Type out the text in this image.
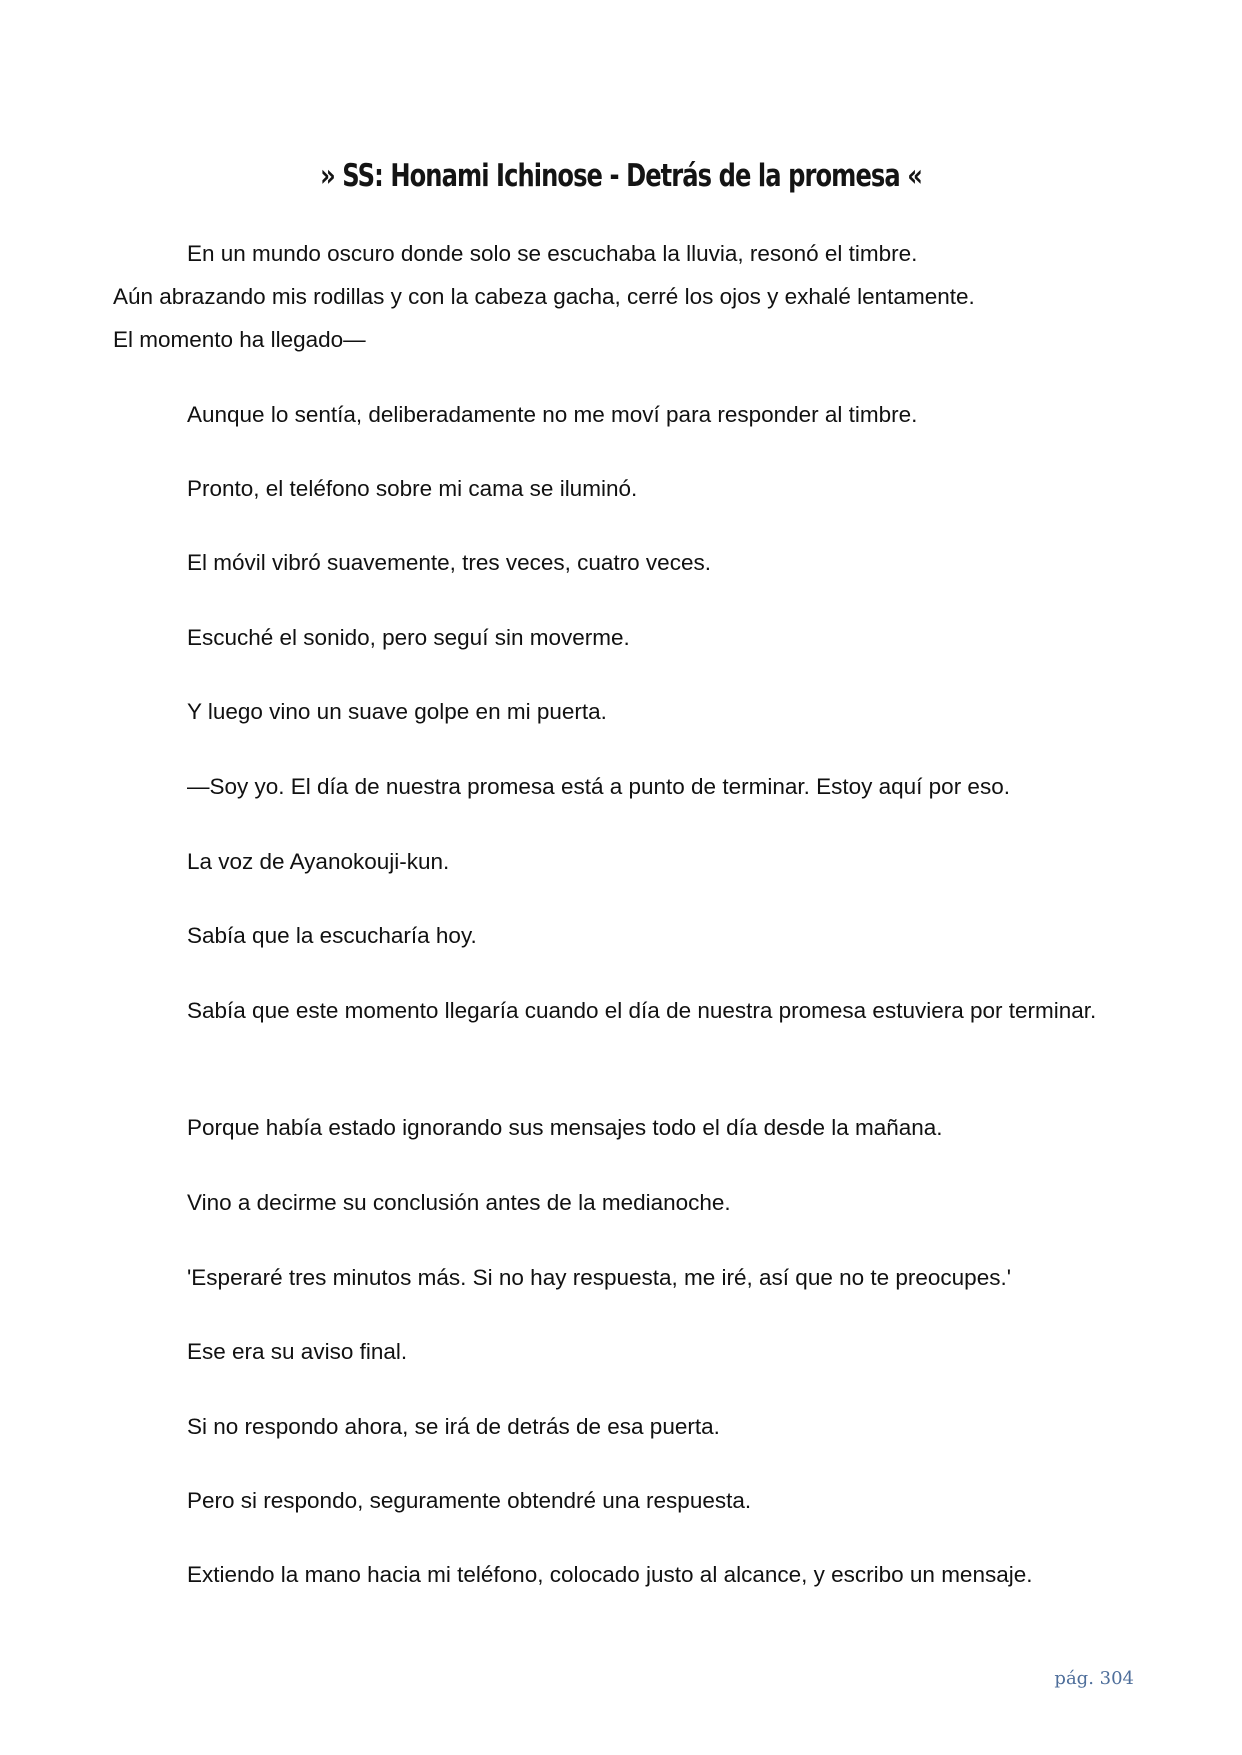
» SS: Honami Ichinose - Detrás de la promesa «

En un mundo oscuro donde solo se escuchaba la lluvia, resonó el timbre.
Aún abrazando mis rodillas y con la cabeza gacha, cerré los ojos y exhalé lentamente.
El momento ha llegado—

Aunque lo sentía, deliberadamente no me moví para responder al timbre.

Pronto, el teléfono sobre mi cama se iluminó.

El móvil vibró suavemente, tres veces, cuatro veces.

Escuché el sonido, pero seguí sin moverme.

Y luego vino un suave golpe en mi puerta.

—Soy yo. El día de nuestra promesa está a punto de terminar. Estoy aquí por eso.

La voz de Ayanokouji-kun.

Sabía que la escucharía hoy.

Sabía que este momento llegaría cuando el día de nuestra promesa estuviera por terminar.

Porque había estado ignorando sus mensajes todo el día desde la mañana.

Vino a decirme su conclusión antes de la medianoche.

'Esperaré tres minutos más. Si no hay respuesta, me iré, así que no te preocupes.'

Ese era su aviso final.

Si no respondo ahora, se irá de detrás de esa puerta.

Pero si respondo, seguramente obtendré una respuesta.

Extiendo la mano hacia mi teléfono, colocado justo al alcance, y escribo un mensaje.

pág. 304
